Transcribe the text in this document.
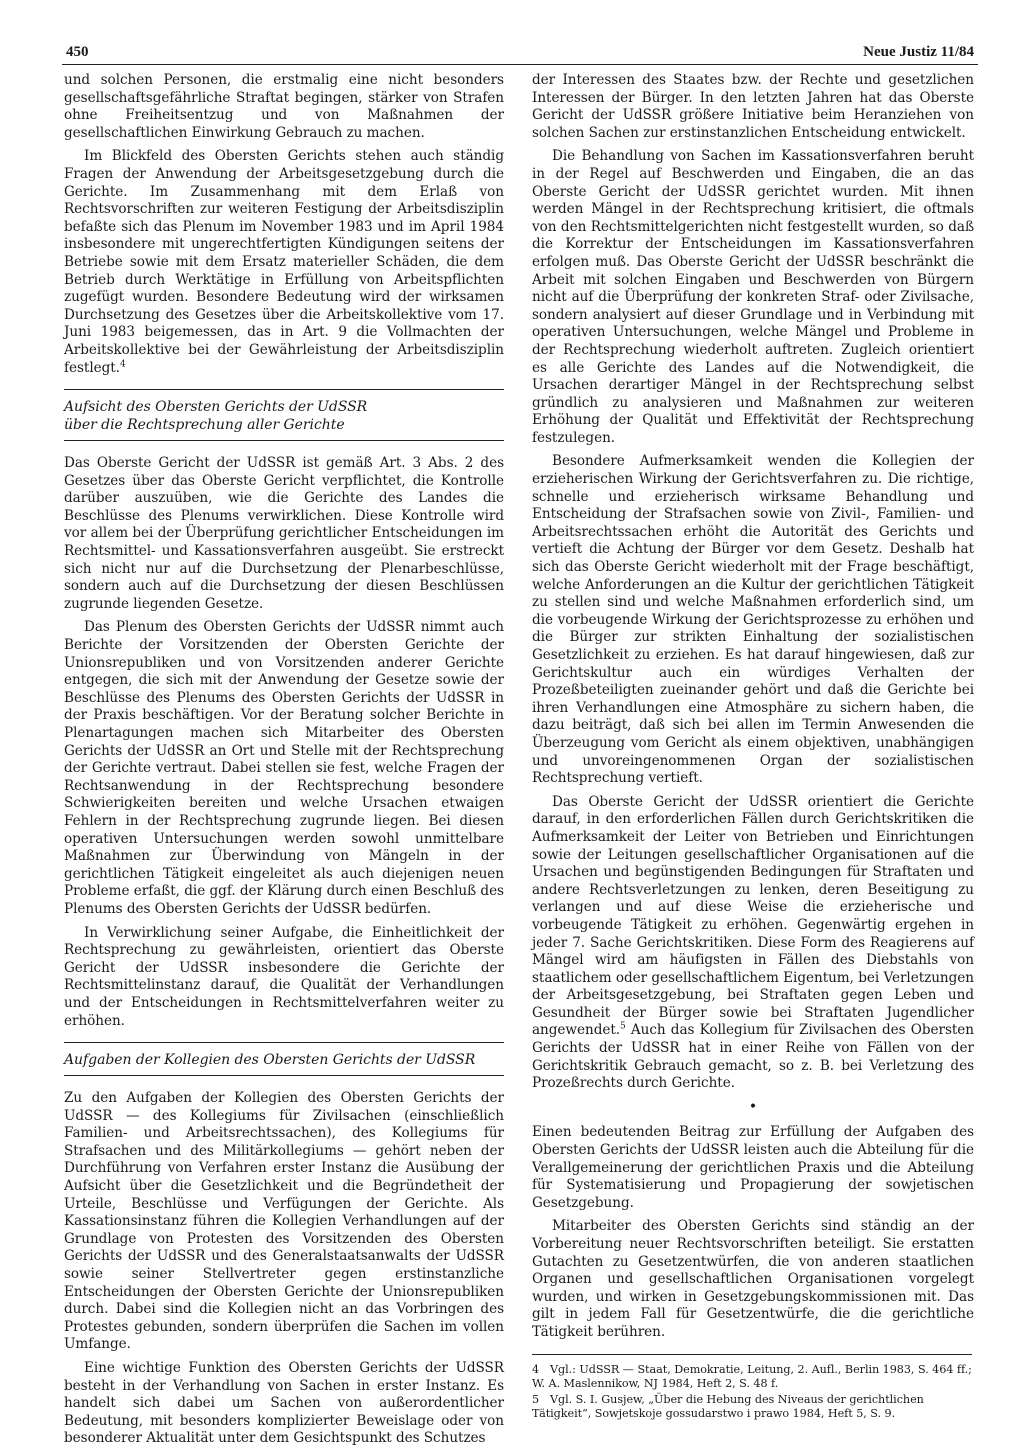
450	Neue Justiz 11/84

und solchen Personen, die erstmalig eine nicht besonders gesellschaftsgefährliche Straftat begingen, stärker von Strafen ohne Freiheitsentzug und von Maßnahmen der gesellschaftlichen Einwirkung Gebrauch zu machen.

Im Blickfeld des Obersten Gerichts stehen auch ständig Fragen der Anwendung der Arbeitsgesetzgebung durch die Gerichte. Im Zusammenhang mit dem Erlaß von Rechtsvorschriften zur weiteren Festigung der Arbeitsdisziplin befaßte sich das Plenum im November 1983 und im April 1984 insbesondere mit ungerechtfertigten Kündigungen seitens der Betriebe sowie mit dem Ersatz materieller Schäden, die dem Betrieb durch Werktätige in Erfüllung von Arbeitspflichten zugefügt wurden. Besondere Bedeutung wird der wirksamen Durchsetzung des Gesetzes über die Arbeitskollektive vom 17. Juni 1983 beigemessen, das in Art. 9 die Vollmachten der Arbeitskollektive bei der Gewährleistung der Arbeitsdisziplin festlegt.$^4$

Aufsicht des Obersten Gerichts der UdSSR
über die Rechtsprechung aller Gerichte

Das Oberste Gericht der UdSSR ist gemäß Art. 3 Abs. 2 des Gesetzes über das Oberste Gericht verpflichtet, die Kontrolle darüber auszuüben, wie die Gerichte des Landes die Beschlüsse des Plenums verwirklichen. Diese Kontrolle wird vor allem bei der Überprüfung gerichtlicher Entscheidungen im Rechtsmittel- und Kassationsverfahren ausgeübt. Sie erstreckt sich nicht nur auf die Durchsetzung der Plenarbeschlüsse, sondern auch auf die Durchsetzung der diesen Beschlüssen zugrunde liegenden Gesetze.

Das Plenum des Obersten Gerichts der UdSSR nimmt auch Berichte der Vorsitzenden der Obersten Gerichte der Unionsrepubliken und von Vorsitzenden anderer Gerichte entgegen, die sich mit der Anwendung der Gesetze sowie der Beschlüsse des Plenums des Obersten Gerichts der UdSSR in der Praxis beschäftigen. Vor der Beratung solcher Berichte in Plenartagungen machen sich Mitarbeiter des Obersten Gerichts der UdSSR an Ort und Stelle mit der Rechtsprechung der Gerichte vertraut. Dabei stellen sie fest, welche Fragen der Rechtsanwendung in der Rechtsprechung besondere Schwierigkeiten bereiten und welche Ursachen etwaigen Fehlern in der Rechtsprechung zugrunde liegen. Bei diesen operativen Untersuchungen werden sowohl unmittelbare Maßnahmen zur Überwindung von Mängeln in der gerichtlichen Tätigkeit eingeleitet als auch diejenigen neuen Probleme erfaßt, die ggf. der Klärung durch einen Beschluß des Plenums des Obersten Gerichts der UdSSR bedürfen.

In Verwirklichung seiner Aufgabe, die Einheitlichkeit der Rechtsprechung zu gewährleisten, orientiert das Oberste Gericht der UdSSR insbesondere die Gerichte der Rechtsmittelinstanz darauf, die Qualität der Verhandlungen und der Entscheidungen in Rechtsmittelverfahren weiter zu erhöhen.

Aufgaben der Kollegien des Obersten Gerichts der UdSSR

Zu den Aufgaben der Kollegien des Obersten Gerichts der UdSSR — des Kollegiums für Zivilsachen (einschließlich Familien- und Arbeitsrechtssachen), des Kollegiums für Strafsachen und des Militärkollegiums — gehört neben der Durchführung von Verfahren erster Instanz die Ausübung der Aufsicht über die Gesetzlichkeit und die Begründetheit der Urteile, Beschlüsse und Verfügungen der Gerichte. Als Kassationsinstanz führen die Kollegien Verhandlungen auf der Grundlage von Protesten des Vorsitzenden des Obersten Gerichts der UdSSR und des Generalstaatsanwalts der UdSSR sowie seiner Stellvertreter gegen erstinstanzliche Entscheidungen der Obersten Gerichte der Unionsrepubliken durch. Dabei sind die Kollegien nicht an das Vorbringen des Protestes gebunden, sondern überprüfen die Sachen im vollen Umfange.

Eine wichtige Funktion des Obersten Gerichts der UdSSR besteht in der Verhandlung von Sachen in erster Instanz. Es handelt sich dabei um Sachen von außerordentlicher Bedeutung, mit besonders komplizierter Beweislage oder von besonderer Aktualität unter dem Gesichtspunkt des Schutzes

der Interessen des Staates bzw. der Rechte und gesetzlichen Interessen der Bürger. In den letzten Jahren hat das Oberste Gericht der UdSSR größere Initiative beim Heranziehen von solchen Sachen zur erstinstanzlichen Entscheidung entwickelt.

Die Behandlung von Sachen im Kassationsverfahren beruht in der Regel auf Beschwerden und Eingaben, die an das Oberste Gericht der UdSSR gerichtet wurden. Mit ihnen werden Mängel in der Rechtsprechung kritisiert, die oftmals von den Rechtsmittelgerichten nicht festgestellt wurden, so daß die Korrektur der Entscheidungen im Kassationsverfahren erfolgen muß. Das Oberste Gericht der UdSSR beschränkt die Arbeit mit solchen Eingaben und Beschwerden von Bürgern nicht auf die Überprüfung der konkreten Straf- oder Zivilsache, sondern analysiert auf dieser Grundlage und in Verbindung mit operativen Untersuchungen, welche Mängel und Probleme in der Rechtsprechung wiederholt auftreten. Zugleich orientiert es alle Gerichte des Landes auf die Notwendigkeit, die Ursachen derartiger Mängel in der Rechtsprechung selbst gründlich zu analysieren und Maßnahmen zur weiteren Erhöhung der Qualität und Effektivität der Rechtsprechung festzulegen.

Besondere Aufmerksamkeit wenden die Kollegien der erzieherischen Wirkung der Gerichtsverfahren zu. Die richtige, schnelle und erzieherisch wirksame Behandlung und Entscheidung der Strafsachen sowie von Zivil-, Familien- und Arbeitsrechtssachen erhöht die Autorität des Gerichts und vertieft die Achtung der Bürger vor dem Gesetz. Deshalb hat sich das Oberste Gericht wiederholt mit der Frage beschäftigt, welche Anforderungen an die Kultur der gerichtlichen Tätigkeit zu stellen sind und welche Maßnahmen erforderlich sind, um die vorbeugende Wirkung der Gerichtsprozesse zu erhöhen und die Bürger zur strikten Einhaltung der sozialistischen Gesetzlichkeit zu erziehen. Es hat darauf hingewiesen, daß zur Gerichtskultur auch ein würdiges Verhalten der Prozeßbeteiligten zueinander gehört und daß die Gerichte bei ihren Verhandlungen eine Atmosphäre zu sichern haben, die dazu beiträgt, daß sich bei allen im Termin Anwesenden die Überzeugung vom Gericht als einem objektiven, unabhängigen und unvoreingenommenen Organ der sozialistischen Rechtsprechung vertieft.

Das Oberste Gericht der UdSSR orientiert die Gerichte darauf, in den erforderlichen Fällen durch Gerichtskritiken die Aufmerksamkeit der Leiter von Betrieben und Einrichtungen sowie der Leitungen gesellschaftlicher Organisationen auf die Ursachen und begünstigenden Bedingungen für Straftaten und andere Rechtsverletzungen zu lenken, deren Beseitigung zu verlangen und auf diese Weise die erzieherische und vorbeugende Tätigkeit zu erhöhen. Gegenwärtig ergehen in jeder 7. Sache Gerichtskritiken. Diese Form des Reagierens auf Mängel wird am häufigsten in Fällen des Diebstahls von staatlichem oder gesellschaftlichem Eigentum, bei Verletzungen der Arbeitsgesetzgebung, bei Straftaten gegen Leben und Gesundheit der Bürger sowie bei Straftaten Jugendlicher angewendet.$^5$ Auch das Kollegium für Zivilsachen des Obersten Gerichts der UdSSR hat in einer Reihe von Fällen von der Gerichtskritik Gebrauch gemacht, so z. B. bei Verletzung des Prozeßrechts durch Gerichte.

•

Einen bedeutenden Beitrag zur Erfüllung der Aufgaben des Obersten Gerichts der UdSSR leisten auch die Abteilung für die Verallgemeinerung der gerichtlichen Praxis und die Abteilung für Systematisierung und Propagierung der sowjetischen Gesetzgebung.

Mitarbeiter des Obersten Gerichts sind ständig an der Vorbereitung neuer Rechtsvorschriften beteiligt. Sie erstatten Gutachten zu Gesetzentwürfen, die von anderen staatlichen Organen und gesellschaftlichen Organisationen vorgelegt wurden, und wirken in Gesetzgebungskommissionen mit. Das gilt in jedem Fall für Gesetzentwürfe, die die gerichtliche Tätigkeit berühren.

4 Vgl.: UdSSR — Staat, Demokratie, Leitung, 2. Aufl., Berlin 1983, S. 464 ff.; W. A. Maslennikow, NJ 1984, Heft 2, S. 48 f.
5 Vgl. S. I. Gusjew, „Über die Hebung des Niveaus der gerichtlichen Tätigkeit“, Sowjetskoje gossudarstwo i prawo 1984, Heft 5, S. 9.
